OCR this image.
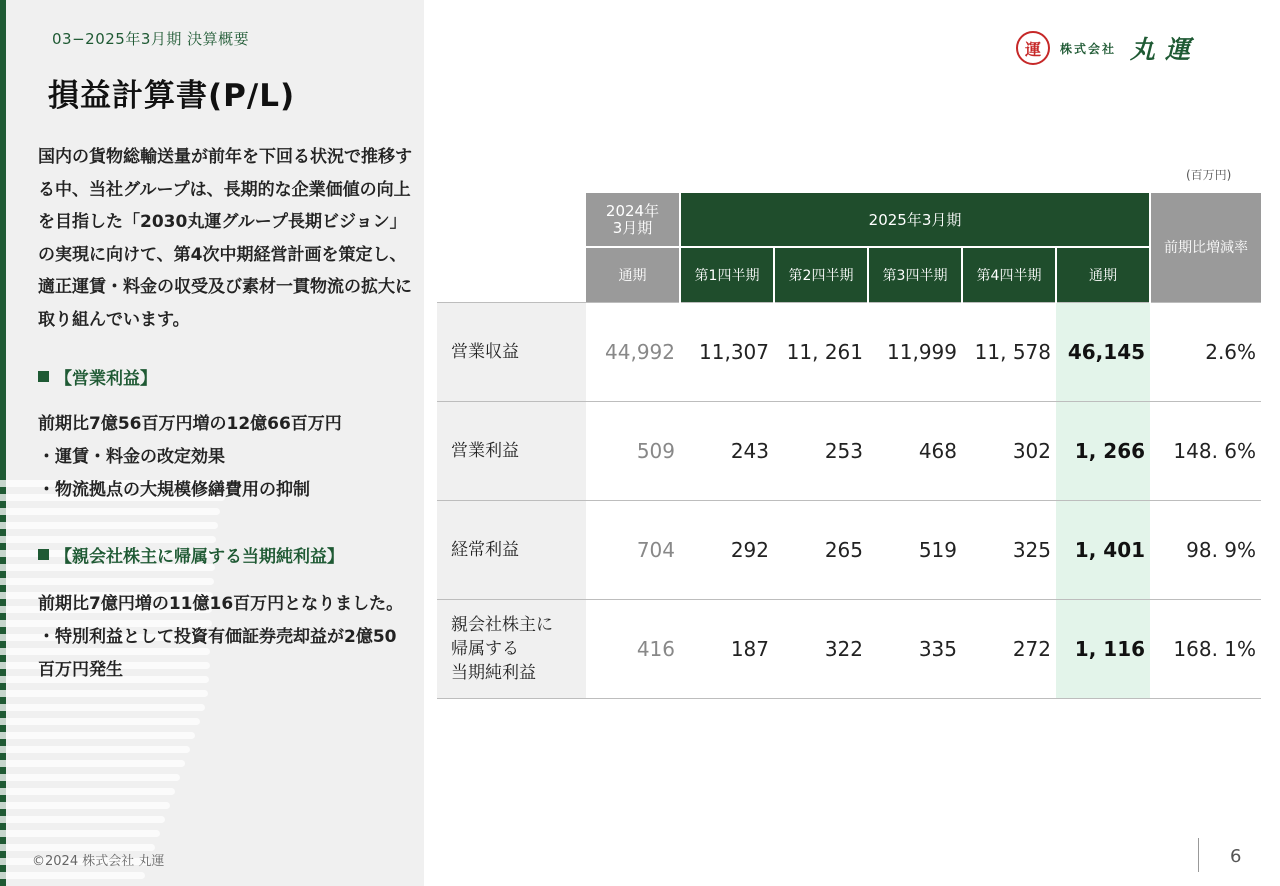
03−2025年3月期 決算概要
損益計算書(P/L)
国内の貨物総輸送量が前年を下回る状況で推移する中、当社グループは、長期的な企業価値の向上を目指した「2030丸運グループ長期ビジョン」の実現に向けて、第4次中期経営計画を策定し、適正運賃・料金の収受及び素材一貫物流の拡大に取り組んでいます。
【営業利益】
前期比7億56百万円増の12億66百万円
・運賃・料金の改定効果
・物流拠点の大規模修繕費用の抑制
【親会社株主に帰属する当期純利益】
前期比7億円増の11億16百万円となりました。
・特別利益として投資有価証券売却益が2億50
百万円発生
©2024 株式会社 丸運
運	株式会社 丸運
(百万円)

	2024年
3月期	2025年3月期					前期比増減率
	通期	第1四半期	第2四半期	第3四半期	第4四半期	通期	

営業収益	44,992	11,307	11, 261	11,999	11, 578	46,145	2.6%

営業利益	509	243	253	468	302	1, 266	148. 6%

経常利益	704	292	265	519	325	1, 401	98. 9%

親会社株主に
帰属する
当期純利益	416	187	322	335	272	1, 116	168. 1%
6
